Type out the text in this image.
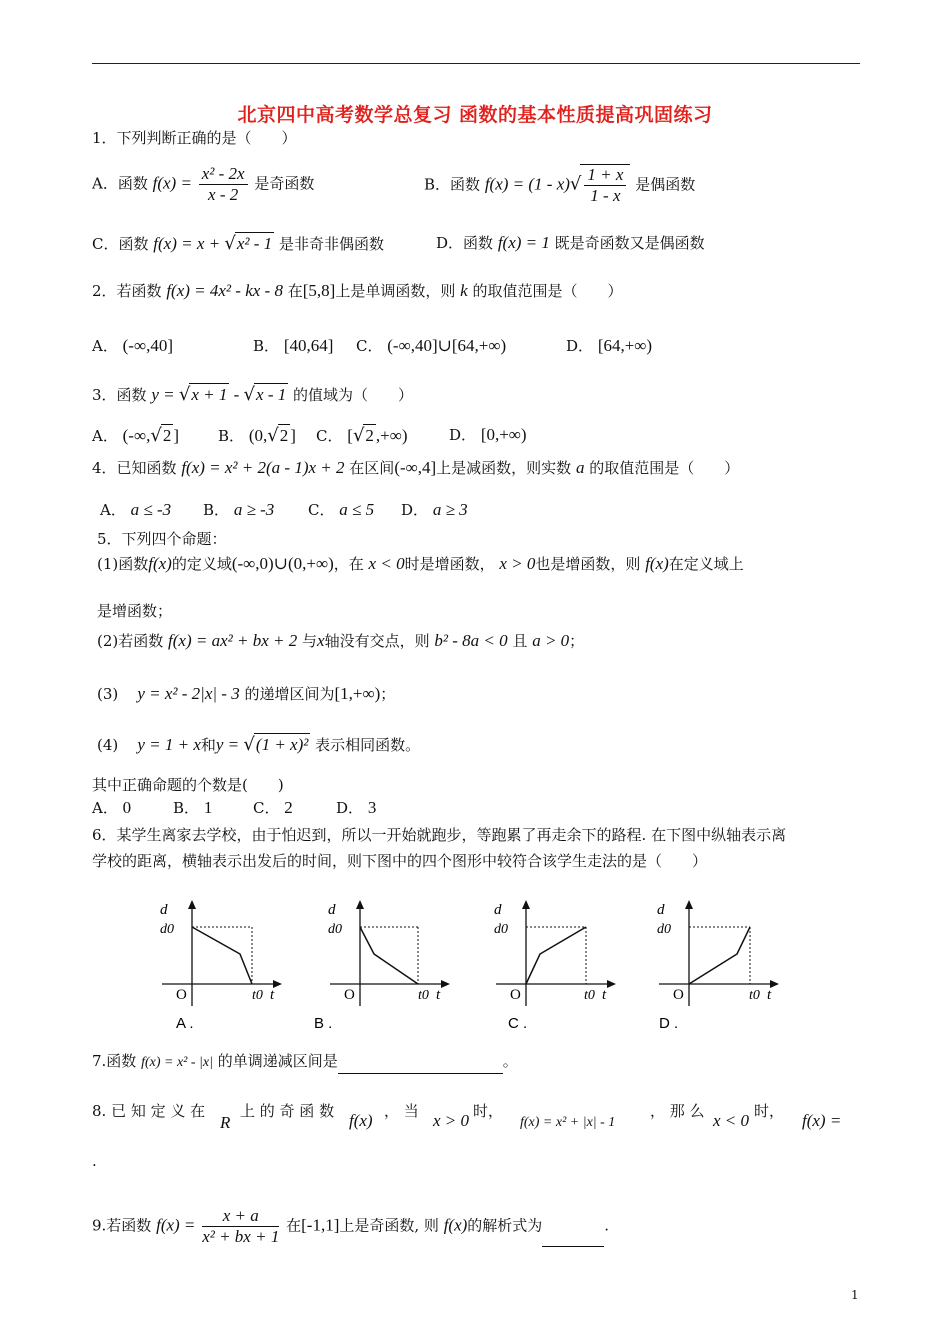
北京四中高考数学总复习 函数的基本性质提高巩固练习
1．下列判断正确的是（　　）
A．函数 $f(x) = \frac{\text{x² - 2x}}{x - 2}$ 是奇函数	B．函数 $f(x) = (1 - x)√ \frac{1 + x}{1 - x}$ 是偶函数
C．函数 f(x) = x + √x² - 1 是非奇非偶函数	D．函数 f(x) = 1 既是奇函数又是偶函数
2．若函数 f(x) = 4x² - kx - 8 在[5,8]上是单调函数，则 k 的取值范围是（　　）
A． (-∞,40]	B． [40,64] C． (-∞,40]∪[64,+∞)	D． [64,+∞)
3．函数 y = √x + 1 - √x - 1 的值域为（　　）
A． (-∞,√2 ]	B． (0,√2 ] C． [√2 ,+∞)	D． [0,+∞)
4．已知函数 f(x) = x² + 2(a - 1)x + 2 在区间(-∞,4]上是减函数，则实数 a 的取值范围是（　　）
A． a ≤ -3 B． a ≥ -3 C． a ≤ 5 D． a ≥ 3
5．下列四个命题：
(1)函数f(x)的定义域(-∞,0)∪(0,+∞)，在 x < 0时是增函数， x > 0也是增函数，则 f(x)在定义域上
是增函数；
(2)若函数 f(x) = ax² + bx + 2 与x轴没有交点，则 b² - 8a < 0 且 a > 0；
(3) y = x² - 2|x| - 3 的递增区间为[1,+∞)；
(4) y = 1 + x和y = √(1 + x)² 表示相同函数。
其中正确命题的个数是(　　)
A． 0	B． 1	C． 2	D． 3
6．某学生离家去学校，由于怕迟到，所以一开始就跑步，等跑累了再走余下的路程. 在下图中纵轴表示离
学校的距离，横轴表示出发后的时间，则下图中的四个图形中较符合该学生走法的是（　　）
d
d0
O	t0 t
A .
d
d0
O	t0 t
B .
d
d0
O	t0 t
C .
d
d0
O	t0 t
D .
7.函数 f(x) = x² - |x| 的单调递减区间是	。
8. 已 知 定 义 在
R
上 的 奇 函 数 f(x) ， 当 x > 0 时，
f(x) = x² + |x| - 1
， 那 么 x < 0 时， f(x) =
.
9.若函数 $f(x) = \frac{x + a}{\text{x² + bx + 1}}$ 在[-1,1]上是奇函数, 则 f(x)的解析式为	.
1
